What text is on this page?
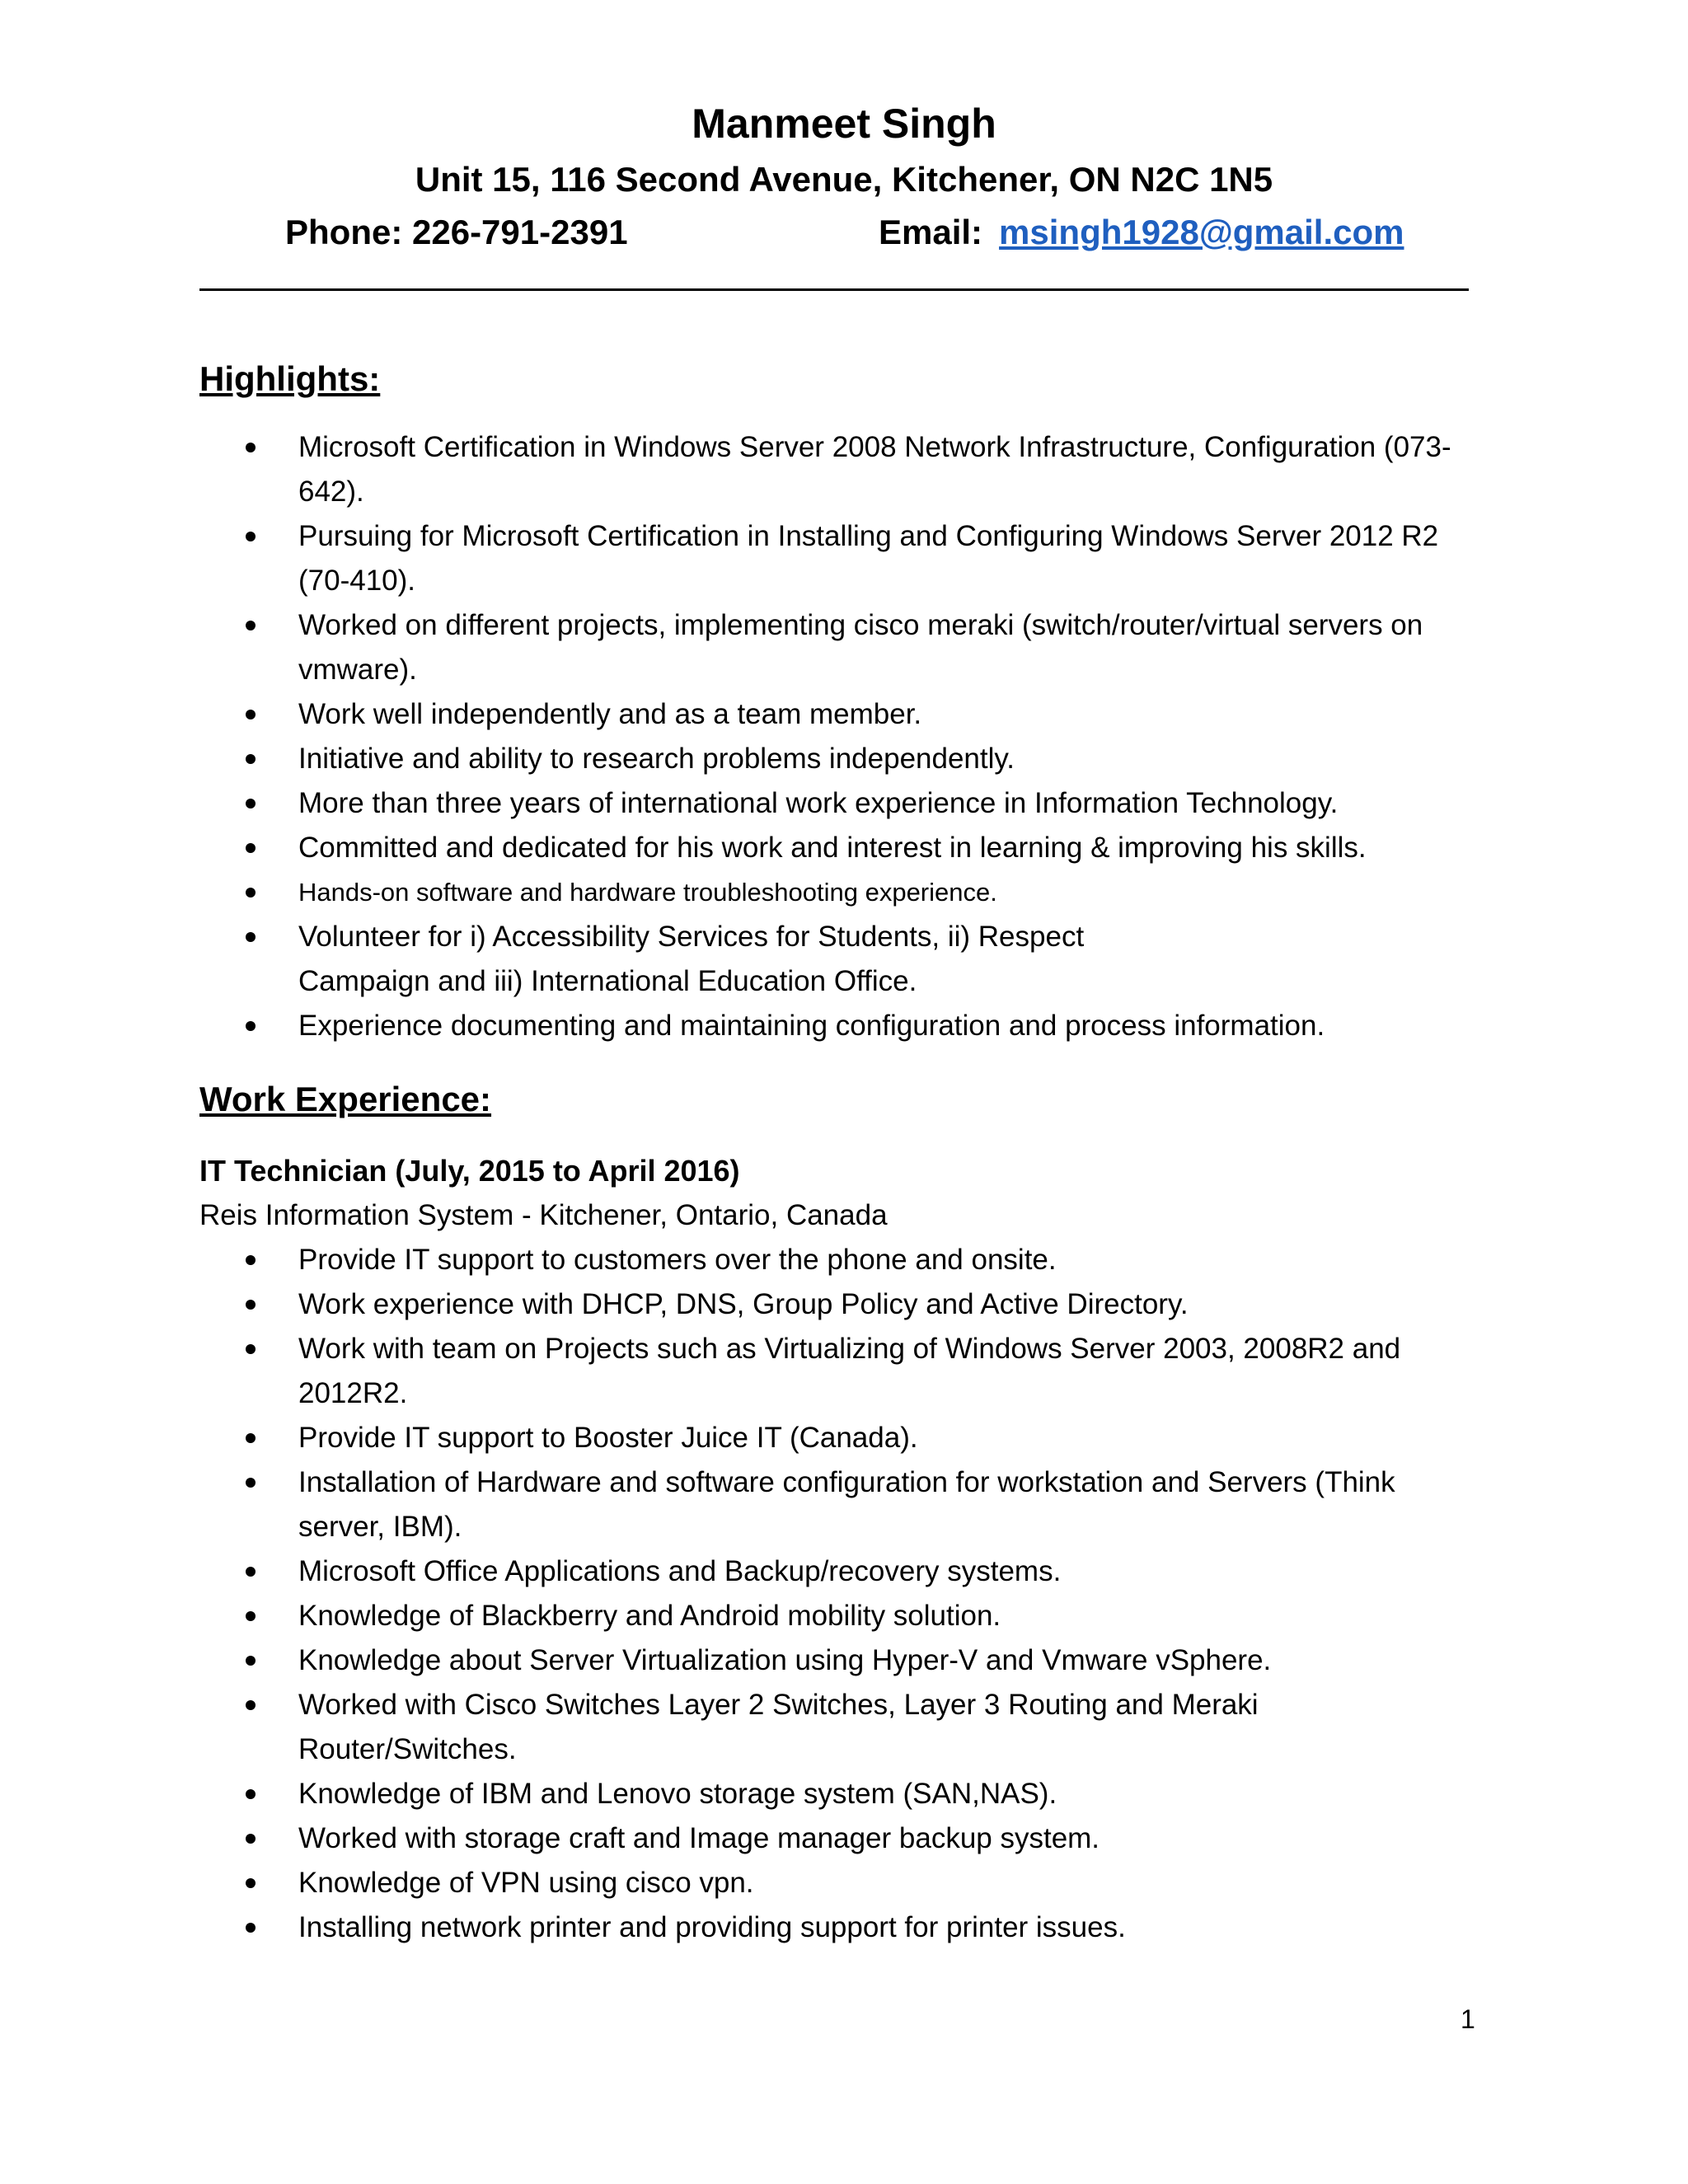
Manmeet Singh
Unit 15, 116 Second Avenue, Kitchener, ON N2C 1N5
Phone: 226-791-2391	Email: msingh1928@gmail.com
Highlights:
Microsoft Certification in Windows Server 2008 Network Infrastructure, Configuration (073-642).
Pursuing for Microsoft Certification in Installing and Configuring Windows Server 2012 R2 (70-410).
Worked on different projects, implementing cisco meraki (switch/router/virtual servers on vmware).
Work well independently and as a team member.
Initiative and ability to research problems independently.
More than three years of international work experience in Information Technology.
Committed and dedicated for his work and interest in learning & improving his skills.
Hands-on software and hardware troubleshooting experience.
Volunteer for i) Accessibility Services for Students, ii) Respect Campaign and iii) International Education Office.
Experience documenting and maintaining configuration and process information.
Work Experience:
IT Technician (July, 2015 to April 2016)
Reis Information System - Kitchener, Ontario, Canada
Provide IT support to customers over the phone and onsite.
Work experience with DHCP, DNS, Group Policy and Active Directory.
Work with team on Projects such as Virtualizing of Windows Server 2003, 2008R2 and 2012R2.
Provide IT support to Booster Juice IT (Canada).
Installation of Hardware and software configuration for workstation and Servers (Think server, IBM).
Microsoft Office Applications and Backup/recovery systems.
Knowledge of Blackberry and Android mobility solution.
Knowledge about Server Virtualization using Hyper-V and Vmware vSphere.
Worked with Cisco Switches Layer 2 Switches, Layer 3 Routing and Meraki Router/Switches.
Knowledge of IBM and Lenovo storage system (SAN,NAS).
Worked with storage craft and Image manager backup system.
Knowledge of VPN using cisco vpn.
Installing network printer and providing support for printer issues.
1
